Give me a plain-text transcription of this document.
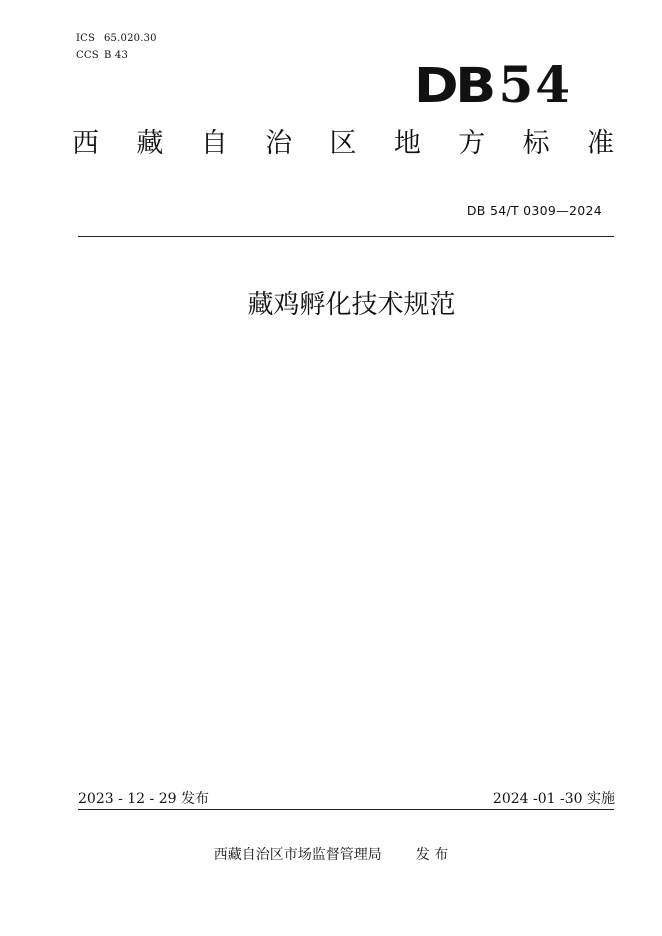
ICS 65.020.30
CCS B 43
DB 54
西 藏 自 治 区 地 方 标 准
DB 54/T 0309—2024
藏鸡孵化技术规范
2023 - 12 - 29 发布	2024 -01 -30 实施
西藏自治区市场监督管理局 发 布
